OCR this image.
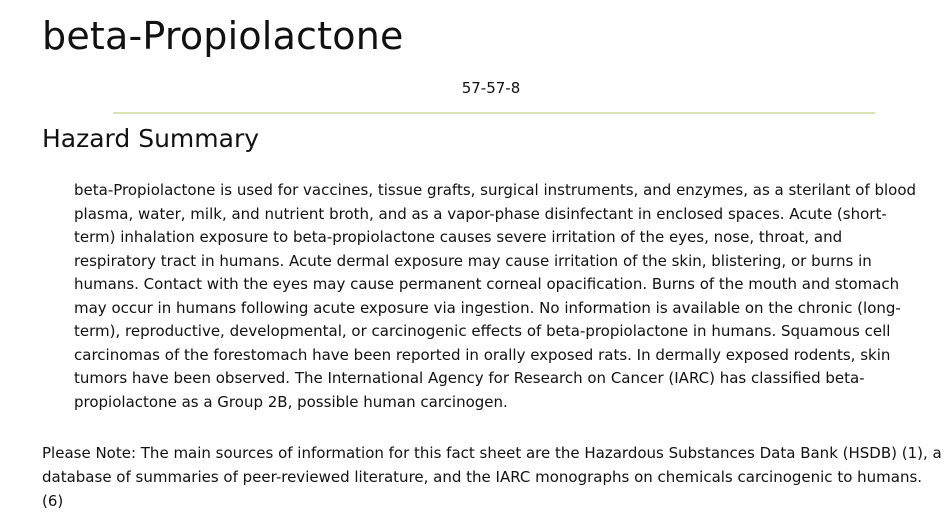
beta-Propiolactone
57-57-8
Hazard Summary

beta-Propiolactone is used for vaccines, tissue grafts, surgical instruments, and enzymes, as a sterilant of blood plasma, water, milk, and nutrient broth, and as a vapor-phase disinfectant in enclosed spaces. Acute (short-term) inhalation exposure to beta-propiolactone causes severe irritation of the eyes, nose, throat, and respiratory tract in humans. Acute dermal exposure may cause irritation of the skin, blistering, or burns in humans. Contact with the eyes may cause permanent corneal opacification. Burns of the mouth and stomach may occur in humans following acute exposure via ingestion. No information is available on the chronic (long-term), reproductive, developmental, or carcinogenic effects of beta-propiolactone in humans. Squamous cell carcinomas of the forestomach have been reported in orally exposed rats. In dermally exposed rodents, skin tumors have been observed. The International Agency for Research on Cancer (IARC) has classified beta-propiolactone as a Group 2B, possible human carcinogen.

Please Note: The main sources of information for this fact sheet are the Hazardous Substances Data Bank (HSDB) (1), a database of summaries of peer-reviewed literature, and the IARC monographs on chemicals carcinogenic to humans. (6)
